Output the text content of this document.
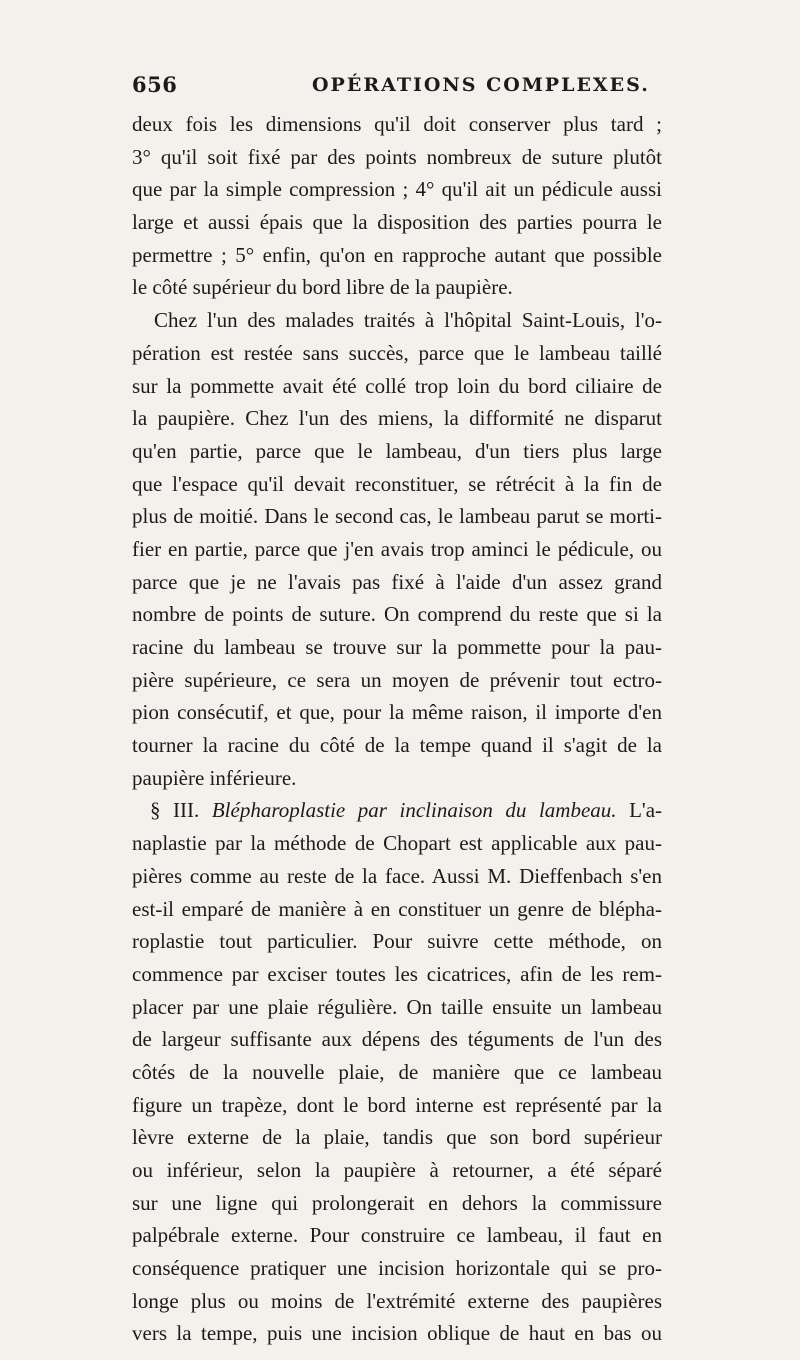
656	OPÉRATIONS COMPLEXES.
deux fois les dimensions qu'il doit conserver plus tard ;
3° qu'il soit fixé par des points nombreux de suture plutôt
que par la simple compression ; 4° qu'il ait un pédicule aussi
large et aussi épais que la disposition des parties pourra le
permettre ; 5° enfin, qu'on en rapproche autant que possible
le côté supérieur du bord libre de la paupière.
Chez l'un des malades traités à l'hôpital Saint-Louis, l'o-
pération est restée sans succès, parce que le lambeau taillé
sur la pommette avait été collé trop loin du bord ciliaire de
la paupière. Chez l'un des miens, la difformité ne disparut
qu'en partie, parce que le lambeau, d'un tiers plus large
que l'espace qu'il devait reconstituer, se rétrécit à la fin de
plus de moitié. Dans le second cas, le lambeau parut se morti-
fier en partie, parce que j'en avais trop aminci le pédicule, ou
parce que je ne l'avais pas fixé à l'aide d'un assez grand
nombre de points de suture. On comprend du reste que si la
racine du lambeau se trouve sur la pommette pour la pau-
pière supérieure, ce sera un moyen de prévenir tout ectro-
pion consécutif, et que, pour la même raison, il importe d'en
tourner la racine du côté de la tempe quand il s'agit de la
paupière inférieure.
§ III. Blépharoplastie par inclinaison du lambeau. L'a-
naplastie par la méthode de Chopart est applicable aux pau-
pières comme au reste de la face. Aussi M. Dieffenbach s'en
est-il emparé de manière à en constituer un genre de blépha-
roplastie tout particulier. Pour suivre cette méthode, on
commence par exciser toutes les cicatrices, afin de les rem-
placer par une plaie régulière. On taille ensuite un lambeau
de largeur suffisante aux dépens des téguments de l'un des
côtés de la nouvelle plaie, de manière que ce lambeau
figure un trapèze, dont le bord interne est représenté par la
lèvre externe de la plaie, tandis que son bord supérieur
ou inférieur, selon la paupière à retourner, a été séparé
sur une ligne qui prolongerait en dehors la commissure
palpébrale externe. Pour construire ce lambeau, il faut en
conséquence pratiquer une incision horizontale qui se pro-
longe plus ou moins de l'extrémité externe des paupières
vers la tempe, puis une incision oblique de haut en bas ou
